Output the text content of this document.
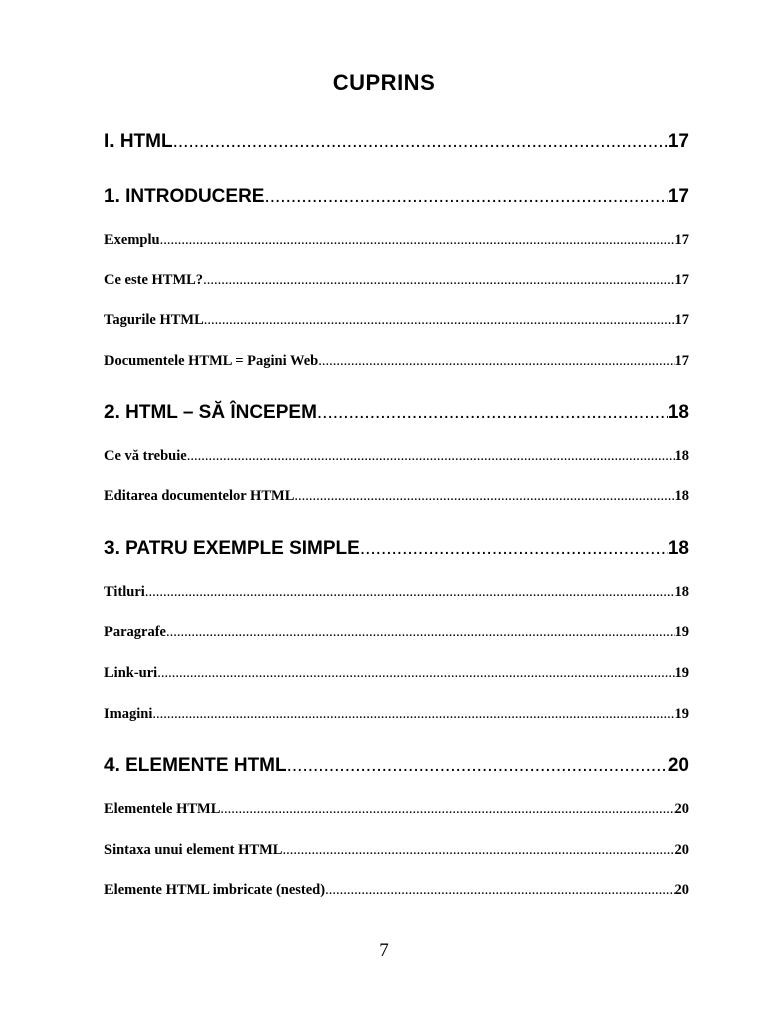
CUPRINS
I. HTML .....	17
1. INTRODUCERE .....	17
Exemplu .....	17
Ce este HTML? .....	17
Tagurile HTML .....	17
Documentele HTML = Pagini Web .....	17
2. HTML – SĂ ÎNCEPEM .....	18
Ce vă trebuie .....	18
Editarea documentelor HTML .....	18
3. PATRU EXEMPLE SIMPLE .....	18
Titluri .....	18
Paragrafe .....	19
Link-uri .....	19
Imagini .....	19
4. ELEMENTE HTML .....	20
Elementele HTML .....	20
Sintaxa unui element HTML .....	20
Elemente HTML imbricate (nested) .....	20
7
